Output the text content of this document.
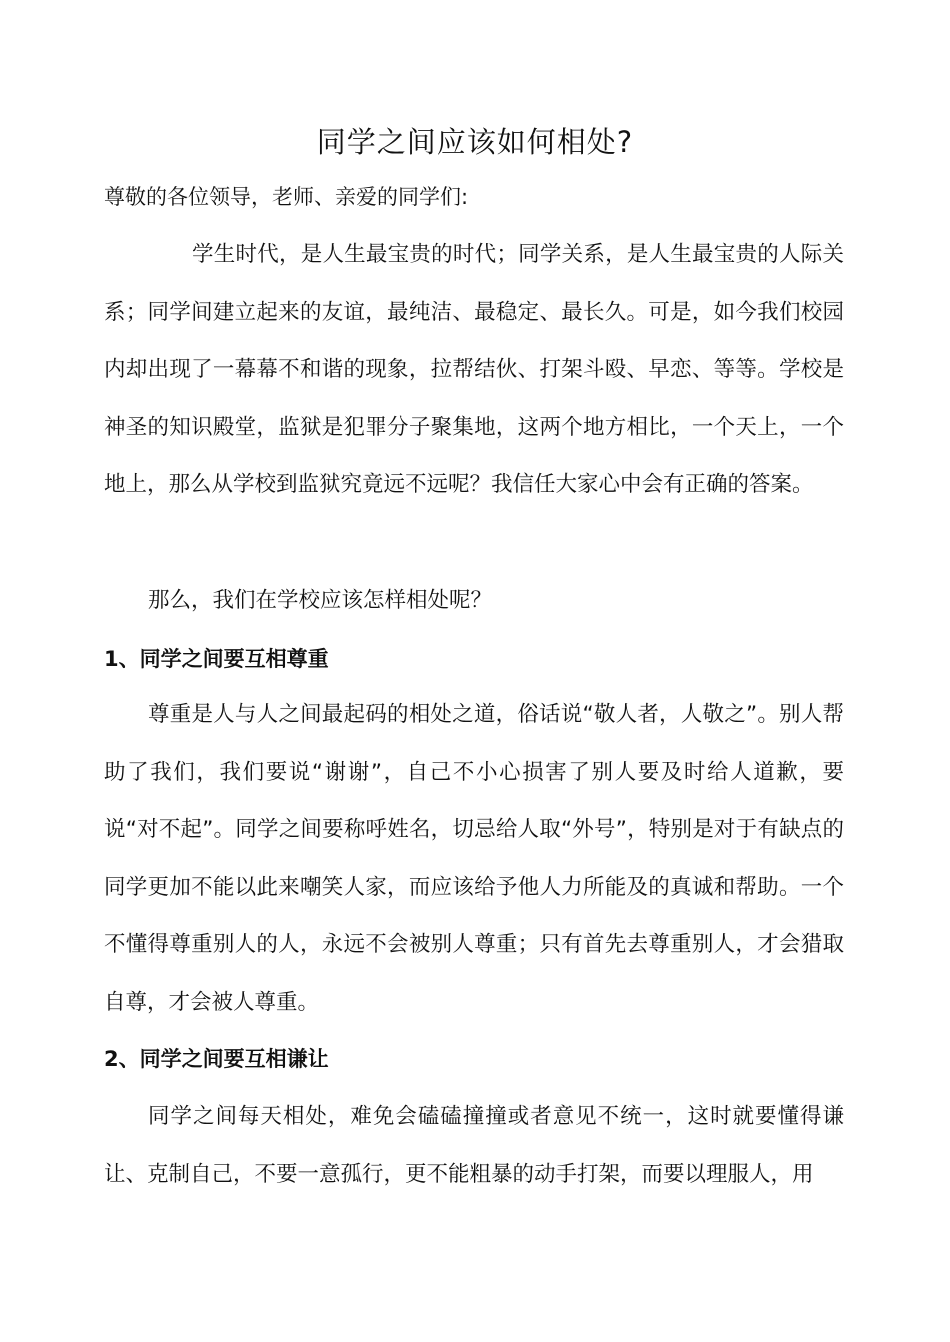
同学之间应该如何相处?
尊敬的各位领导，老师、亲爱的同学们:

学生时代，是人生最宝贵的时代；同学关系，是人生最宝贵的人际关系；同学间建立起来的友谊，最纯洁、最稳定、最长久。可是，如今我们校园内却出现了一幕幕不和谐的现象，拉帮结伙、打架斗殴、早恋、等等。学校是神圣的知识殿堂，监狱是犯罪分子聚集地，这两个地方相比，一个天上，一个地上，那么从学校到监狱究竟远不远呢？我信任大家心中会有正确的答案。

那么，我们在学校应该怎样相处呢？

1、同学之间要互相尊重

尊重是人与人之间最起码的相处之道，俗话说“敬人者，人敬之”。别人帮助了我们，我们要说“谢谢”，自己不小心损害了别人要及时给人道歉，要说“对不起”。同学之间要称呼姓名，切忌给人取“外号”，特别是对于有缺点的同学更加不能以此来嘲笑人家，而应该给予他人力所能及的真诚和帮助。一个不懂得尊重别人的人，永远不会被别人尊重；只有首先去尊重别人，才会猎取自尊，才会被人尊重。

2、同学之间要互相谦让

同学之间每天相处，难免会磕磕撞撞或者意见不统一，这时就要懂得谦让、克制自己，不要一意孤行，更不能粗暴的动手打架，而要以理服人，用
